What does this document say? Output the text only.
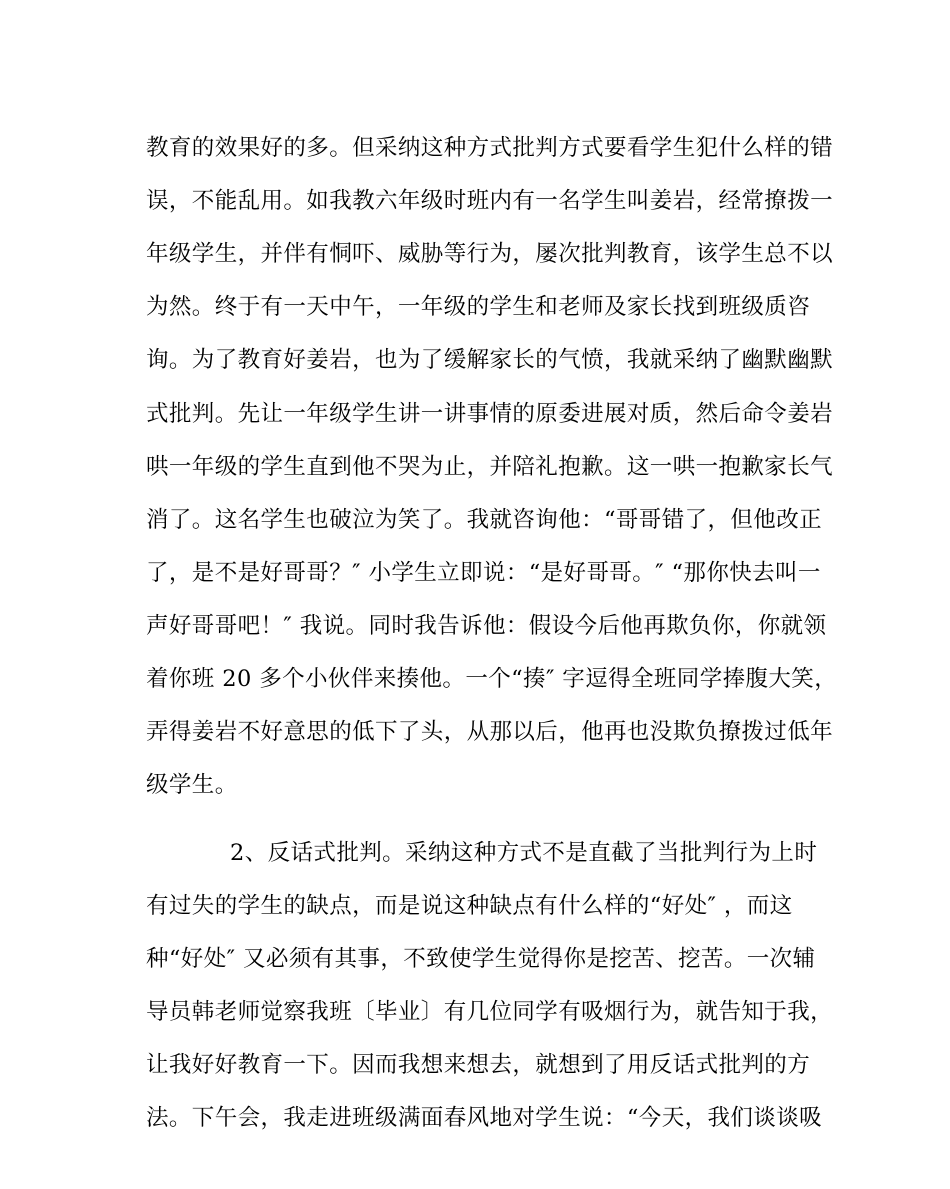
教育的效果好的多。但采纳这种方式批判方式要看学生犯什么样的错
误，不能乱用。如我教六年级时班内有一名学生叫姜岩，经常撩拨一
年级学生，并伴有恫吓、威胁等行为，屡次批判教育，该学生总不以
为然。终于有一天中午，一年级的学生和老师及家长找到班级质咨
询。为了教育好姜岩，也为了缓解家长的气愤，我就采纳了幽默幽默
式批判。先让一年级学生讲一讲事情的原委进展对质，然后命令姜岩
哄一年级的学生直到他不哭为止，并陪礼抱歉。这一哄一抱歉家长气
消了。这名学生也破泣为笑了。我就咨询他：“哥哥错了，但他改正
了，是不是好哥哥？″ 小学生立即说：“是好哥哥。″ “那你快去叫一
声好哥哥吧！″ 我说。同时我告诉他：假设今后他再欺负你，你就领
着你班 20 多个小伙伴来揍他。一个“揍″ 字逗得全班同学捧腹大笑，
弄得姜岩不好意思的低下了头，从那以后，他再也没欺负撩拨过低年
级学生。
2、反话式批判。采纳这种方式不是直截了当批判行为上时
有过失的学生的缺点，而是说这种缺点有什么样的“好处″ ，而这
种“好处″ 又必须有其事，不致使学生觉得你是挖苦、挖苦。一次辅
导员韩老师觉察我班〔毕业〕有几位同学有吸烟行为，就告知于我，
让我好好教育一下。因而我想来想去，就想到了用反话式批判的方
法。下午会，我走进班级满面春风地对学生说：“今天，我们谈谈吸
